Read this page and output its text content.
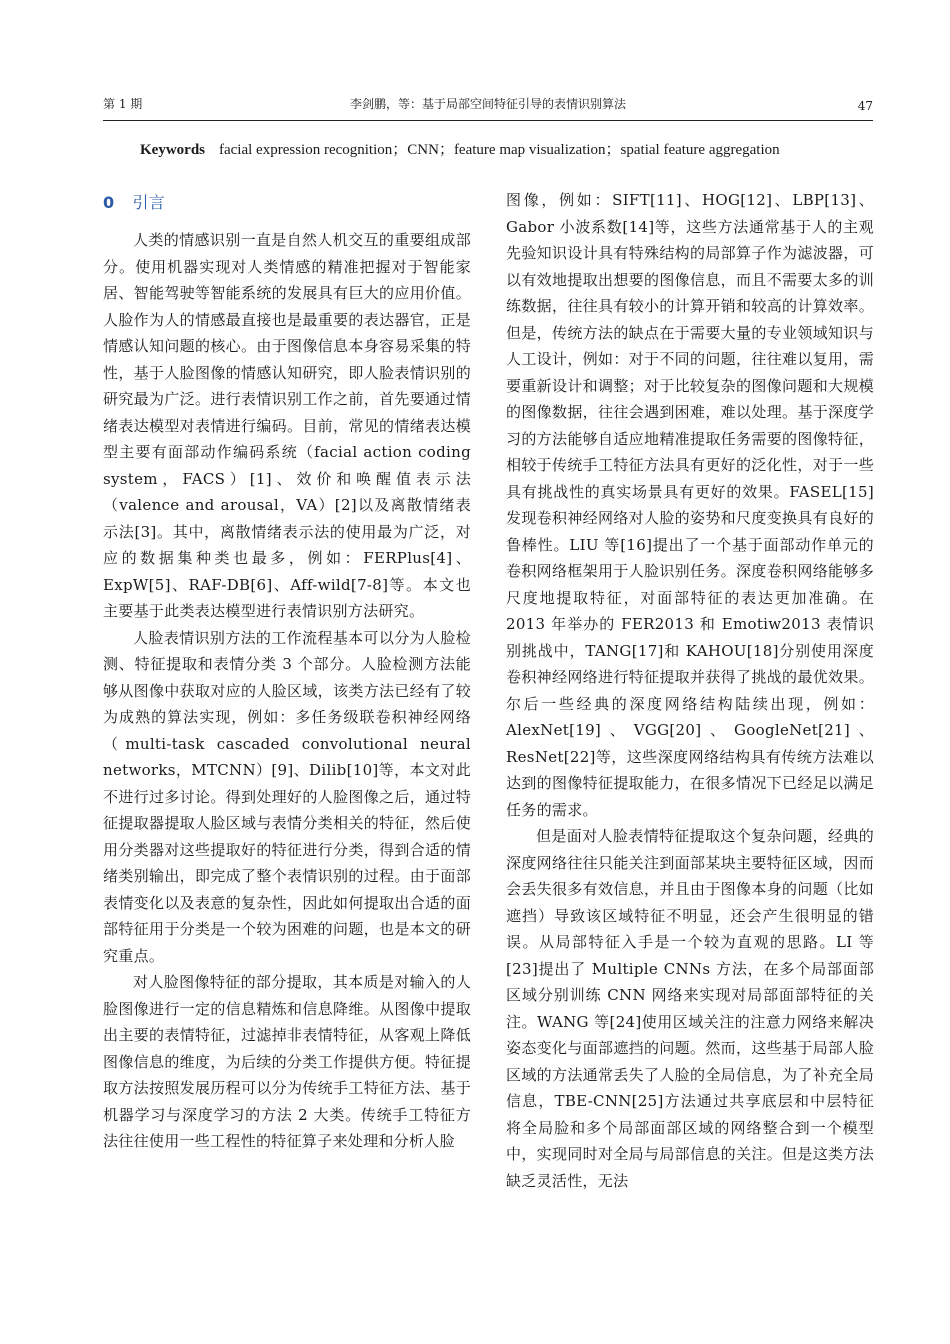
第 1 期	李剑鹏，等：基于局部空间特征引导的表情识别算法	47
Keywords facial expression recognition；CNN；feature map visualization；spatial feature aggregation
0 引言

人类的情感识别一直是自然人机交互的重要组成部分。使用机器实现对人类情感的精准把握对于智能家居、智能驾驶等智能系统的发展具有巨大的应用价值。人脸作为人的情感最直接也是最重要的表达器官，正是情感认知问题的核心。由于图像信息本身容易采集的特性，基于人脸图像的情感认知研究，即人脸表情识别的研究最为广泛。进行表情识别工作之前，首先要通过情绪表达模型对表情进行编码。目前，常见的情绪表达模型主要有面部动作编码系统（facial action coding system，FACS）[1]、效价和唤醒值表示法（valence and arousal，VA）[2]以及离散情绪表示法[3]。其中，离散情绪表示法的使用最为广泛，对应的数据集种类也最多，例如：FERPlus[4]、ExpW[5]、RAF-DB[6]、Aff-wild[7-8]等。本文也主要基于此类表达模型进行表情识别方法研究。

人脸表情识别方法的工作流程基本可以分为人脸检测、特征提取和表情分类 3 个部分。人脸检测方法能够从图像中获取对应的人脸区域，该类方法已经有了较为成熟的算法实现，例如：多任务级联卷积神经网络（multi-task cascaded convolutional neural networks，MTCNN）[9]、Dilib[10]等，本文对此不进行过多讨论。得到处理好的人脸图像之后，通过特征提取器提取人脸区域与表情分类相关的特征，然后使用分类器对这些提取好的特征进行分类，得到合适的情绪类别输出，即完成了整个表情识别的过程。由于面部表情变化以及表意的复杂性，因此如何提取出合适的面部特征用于分类是一个较为困难的问题，也是本文的研究重点。

对人脸图像特征的部分提取，其本质是对输入的人脸图像进行一定的信息精炼和信息降维。从图像中提取出主要的表情特征，过滤掉非表情特征，从客观上降低图像信息的维度，为后续的分类工作提供方便。特征提取方法按照发展历程可以分为传统手工特征方法、基于机器学习与深度学习的方法 2 大类。传统手工特征方法往往使用一些工程性的特征算子来处理和分析人脸

图像，例如：SIFT[11]、HOG[12]、LBP[13]、Gabor 小波系数[14]等，这些方法通常基于人的主观先验知识设计具有特殊结构的局部算子作为滤波器，可以有效地提取出想要的图像信息，而且不需要太多的训练数据，往往具有较小的计算开销和较高的计算效率。但是，传统方法的缺点在于需要大量的专业领域知识与人工设计，例如：对于不同的问题，往往难以复用，需要重新设计和调整；对于比较复杂的图像问题和大规模的图像数据，往往会遇到困难，难以处理。基于深度学习的方法能够自适应地精准提取任务需要的图像特征，相较于传统手工特征方法具有更好的泛化性，对于一些具有挑战性的真实场景具有更好的效果。FASEL[15]发现卷积神经网络对人脸的姿势和尺度变换具有良好的鲁棒性。LIU 等[16]提出了一个基于面部动作单元的卷积网络框架用于人脸识别任务。深度卷积网络能够多尺度地提取特征，对面部特征的表达更加准确。在 2013 年举办的 FER2013 和 Emotiw2013 表情识别挑战中，TANG[17]和 KAHOU[18]分别使用深度卷积神经网络进行特征提取并获得了挑战的最优效果。尔后一些经典的深度网络结构陆续出现，例如：AlexNet[19]、VGG[20]、GoogleNet[21]、ResNet[22]等，这些深度网络结构具有传统方法难以达到的图像特征提取能力，在很多情况下已经足以满足任务的需求。

但是面对人脸表情特征提取这个复杂问题，经典的深度网络往往只能关注到面部某块主要特征区域，因而会丢失很多有效信息，并且由于图像本身的问题（比如遮挡）导致该区域特征不明显，还会产生很明显的错误。从局部特征入手是一个较为直观的思路。LI 等[23]提出了 Multiple CNNs 方法，在多个局部面部区域分别训练 CNN 网络来实现对局部面部特征的关注。WANG 等[24]使用区域关注的注意力网络来解决姿态变化与面部遮挡的问题。然而，这些基于局部人脸区域的方法通常丢失了人脸的全局信息，为了补充全局信息，TBE-CNN[25]方法通过共享底层和中层特征将全局脸和多个局部面部区域的网络整合到一个模型中，实现同时对全局与局部信息的关注。但是这类方法缺乏灵活性，无法
